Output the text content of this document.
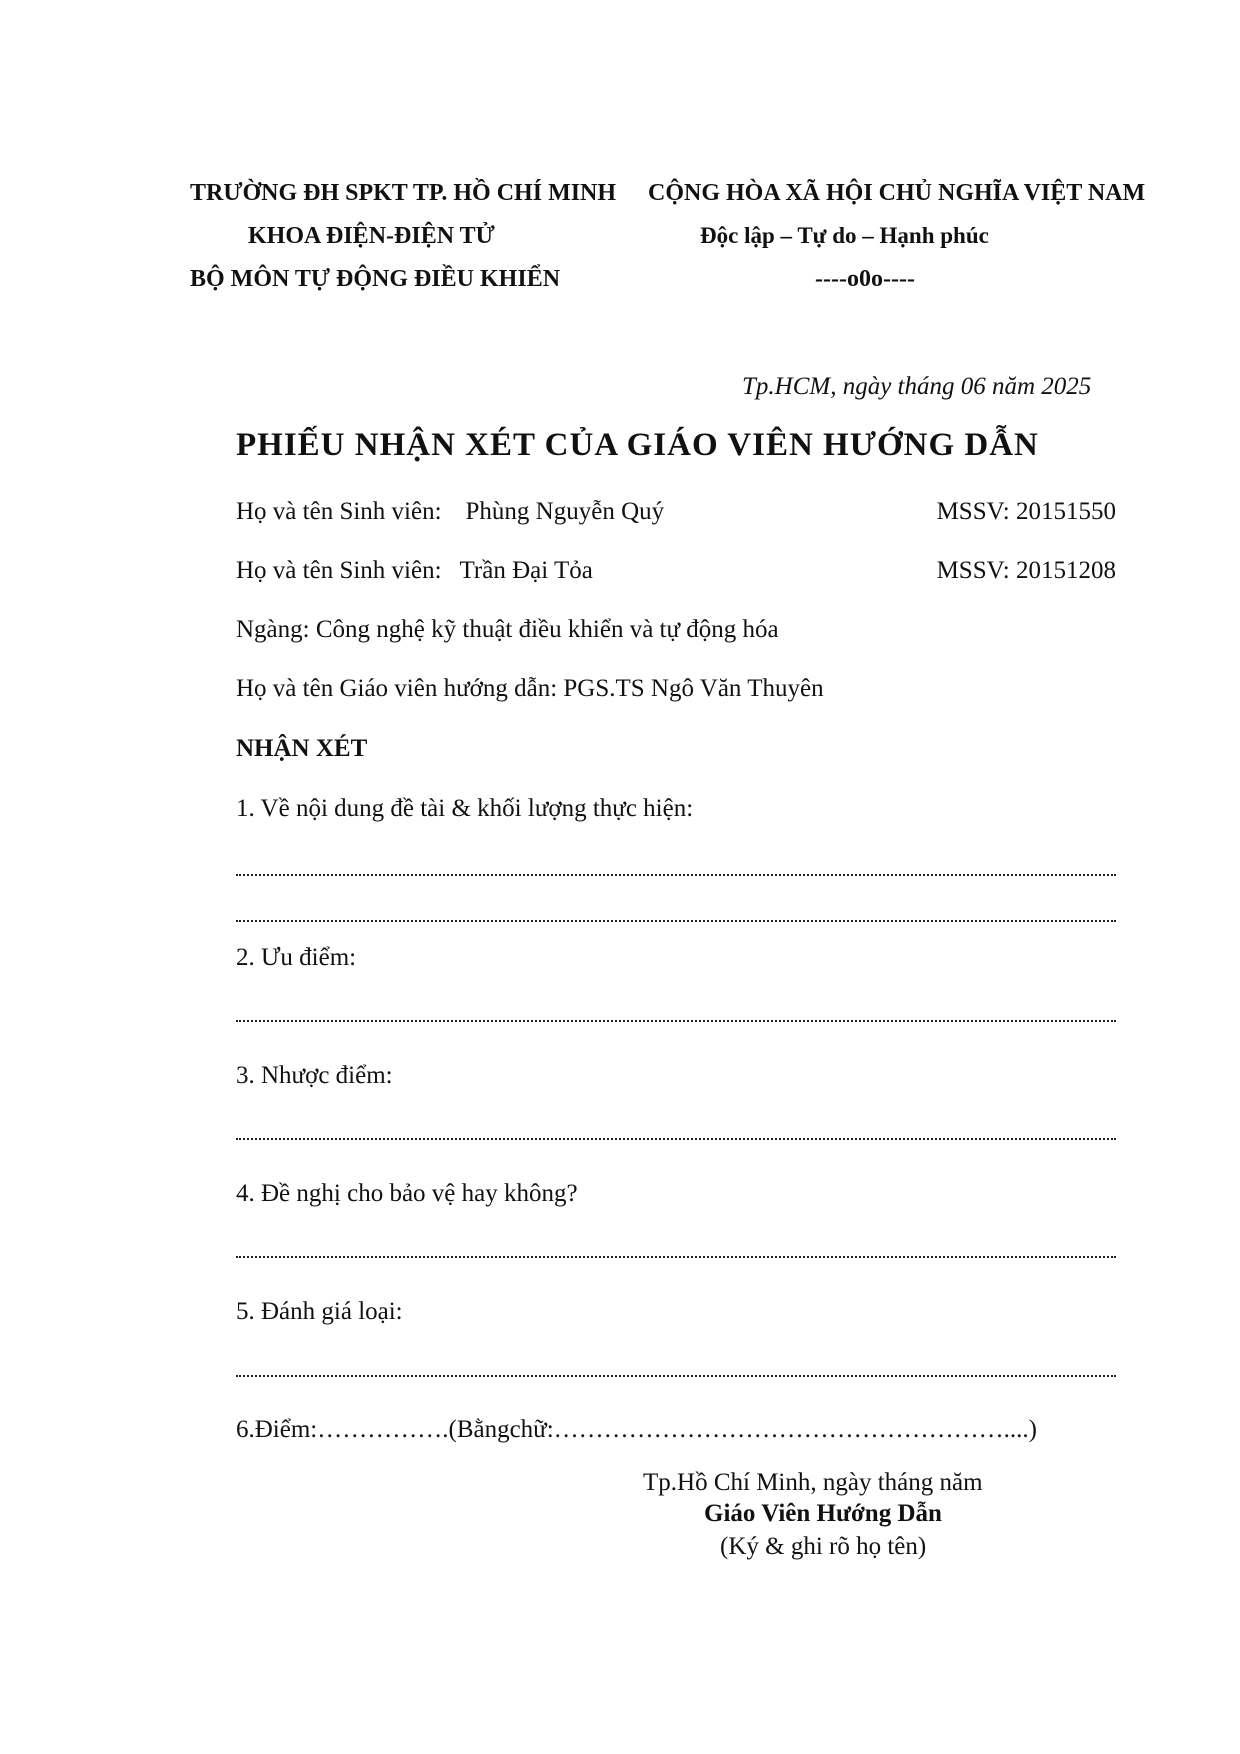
TRƯỜNG ĐH SPKT TP. HỒ CHÍ MINH
KHOA ĐIỆN-ĐIỆN TỬ
BỘ MÔN TỰ ĐỘNG ĐIỀU KHIỂN
CỘNG HÒA XÃ HỘI CHỦ NGHĨA VIỆT NAM
Độc lập – Tự do – Hạnh phúc
----o0o----
Tp.HCM, ngày tháng 06 năm 2025
PHIẾU NHẬN XÉT CỦA GIÁO VIÊN HƯỚNG DẪN
Họ và tên Sinh viên: Phùng Nguyễn Quý	MSSV: 20151550
Họ và tên Sinh viên: Trần Đại Tỏa	MSSV: 20151208
Ngàng: Công nghệ kỹ thuật điều khiển và tự động hóa
Họ và tên Giáo viên hướng dẫn: PGS.TS Ngô Văn Thuyên
NHẬN XÉT
1. Về nội dung đề tài & khối lượng thực hiện:
2. Ưu điểm:
3. Nhược điểm:
4. Đề nghị cho bảo vệ hay không?
5. Đánh giá loại:
6.Điểm:…………….(Bằngchữ:………………………………………………....)
Tp.Hồ Chí Minh, ngày tháng năm
Giáo Viên Hướng Dẫn
(Ký & ghi rõ họ tên)
